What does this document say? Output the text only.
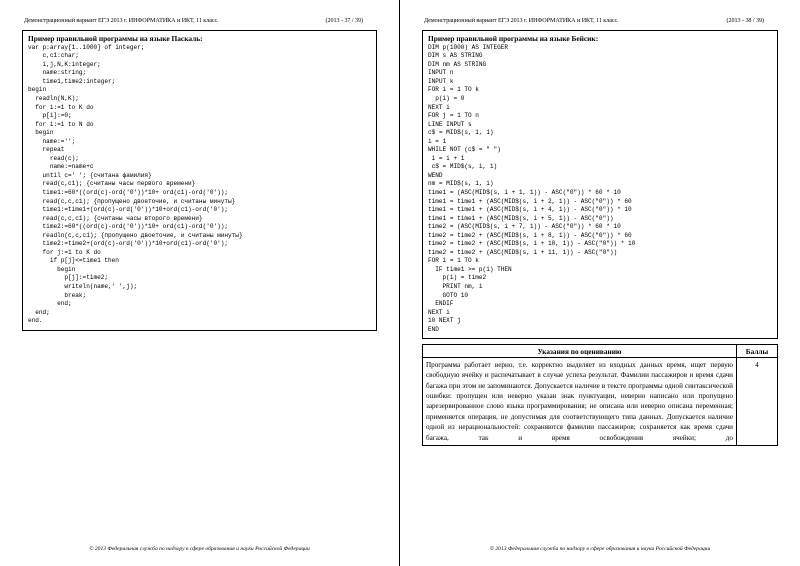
Демонстрационный вариант ЕГЭ 2013 г. ИНФОРМАТИКА и ИКТ, 11 класс.	(2013 - 37 / 39)
Пример правильной программы на языке Паскаль:
var p:array[1..1000] of integer;
c,c1:char;
i,j,N,K:integer;
name:string;
time1,time2:integer;
begin
readln(N,K);
for i:=1 to K do
p[i]:=0;
for i:=1 to N do
begin
name:='';
repeat
read(c);
name:=name+c
until c=' '; {считана фамилия}
read(c,c1); {считаны часы первого времени}
time1:=60*((ord(c)-ord('0'))*10+ ord(c1)-ord('0'));
read(c,c,c1); {пропущено двоеточие, и считаны минуты}
time1:=time1+(ord(c)-ord('0'))*10+ord(c1)-ord('0');
read(c,c,c1); {считаны часы второго времени}
time2:=60*((ord(c)-ord('0'))*10+ ord(c1)-ord('0'));
readln(c,c,c1); {пропущено двоеточие, и считаны минуты}
time2:=time2+(ord(c)-ord('0'))*10+ord(c1)-ord('0');
for j:=1 to K do
if p[j]<=time1 then
begin
p[j]:=time2;
writeln(name,' ',j);
break;
end;
end;
end.
© 2013 Федеральная служба по надзору в сфере образования и науки Российской Федерации
Демонстрационный вариант ЕГЭ 2013 г. ИНФОРМАТИКА и ИКТ, 11 класс.	(2013 - 38 / 39)
Пример правильной программы на языке Бейсик:
DIM p(1000) AS INTEGER
DIM s AS STRING
DIM nm AS STRING
INPUT n
INPUT k
FOR i = 1 TO k
p(i) = 0
NEXT i
FOR j = 1 TO n
LINE INPUT s
c$ = MID$(s, 1, 1)
i = 1
WHILE NOT (c$ = " ")
i = i + 1
c$ = MID$(s, i, 1)
WEND
nm = MID$(s, 1, i)
time1 = (ASC(MID$(s, i + 1, 1)) - ASC("0")) * 60 * 10
time1 = time1 + (ASC(MID$(s, i + 2, 1)) - ASC("0")) * 60
time1 = time1 + (ASC(MID$(s, i + 4, 1)) - ASC("0")) * 10
time1 = time1 + (ASC(MID$(s, i + 5, 1)) - ASC("0"))
time2 = (ASC(MID$(s, i + 7, 1)) - ASC("0")) * 60 * 10
time2 = time2 + (ASC(MID$(s, i + 8, 1)) - ASC("0")) * 60
time2 = time2 + (ASC(MID$(s, i + 10, 1)) - ASC("0")) * 10
time2 = time2 + (ASC(MID$(s, i + 11, 1)) - ASC("0"))
FOR i = 1 TO k
IF time1 >= p(i) THEN
p(i) = time2
PRINT nm, i
GOTO 10
ENDIF
NEXT i
10 NEXT j
END
Указания по оцениванию	Баллы

Программа работает верно, т.е. корректно выделяет из входных данных время, ищет первую свободную ячейку и распечатывает в случае успеха результат. Фамилии пассажиров и время сдачи багажа при этом не запоминаются. Допускается наличие в тексте программы одной синтаксической ошибки: пропущен или неверно указан знак пунктуации, неверно написано или пропущено зарезервированное слово языка программирования; не описана или неверно описана переменная; применяется операция, не допустимая для соответствующего типа данных. Допускается наличие одной из нерациональностей: сохраняются фамилии пассажиров; сохраняется как время сдачи багажа, так и время освобождения ячейки; до	4
© 2013 Федеральная служба по надзору в сфере образования и науки Российской Федерации
